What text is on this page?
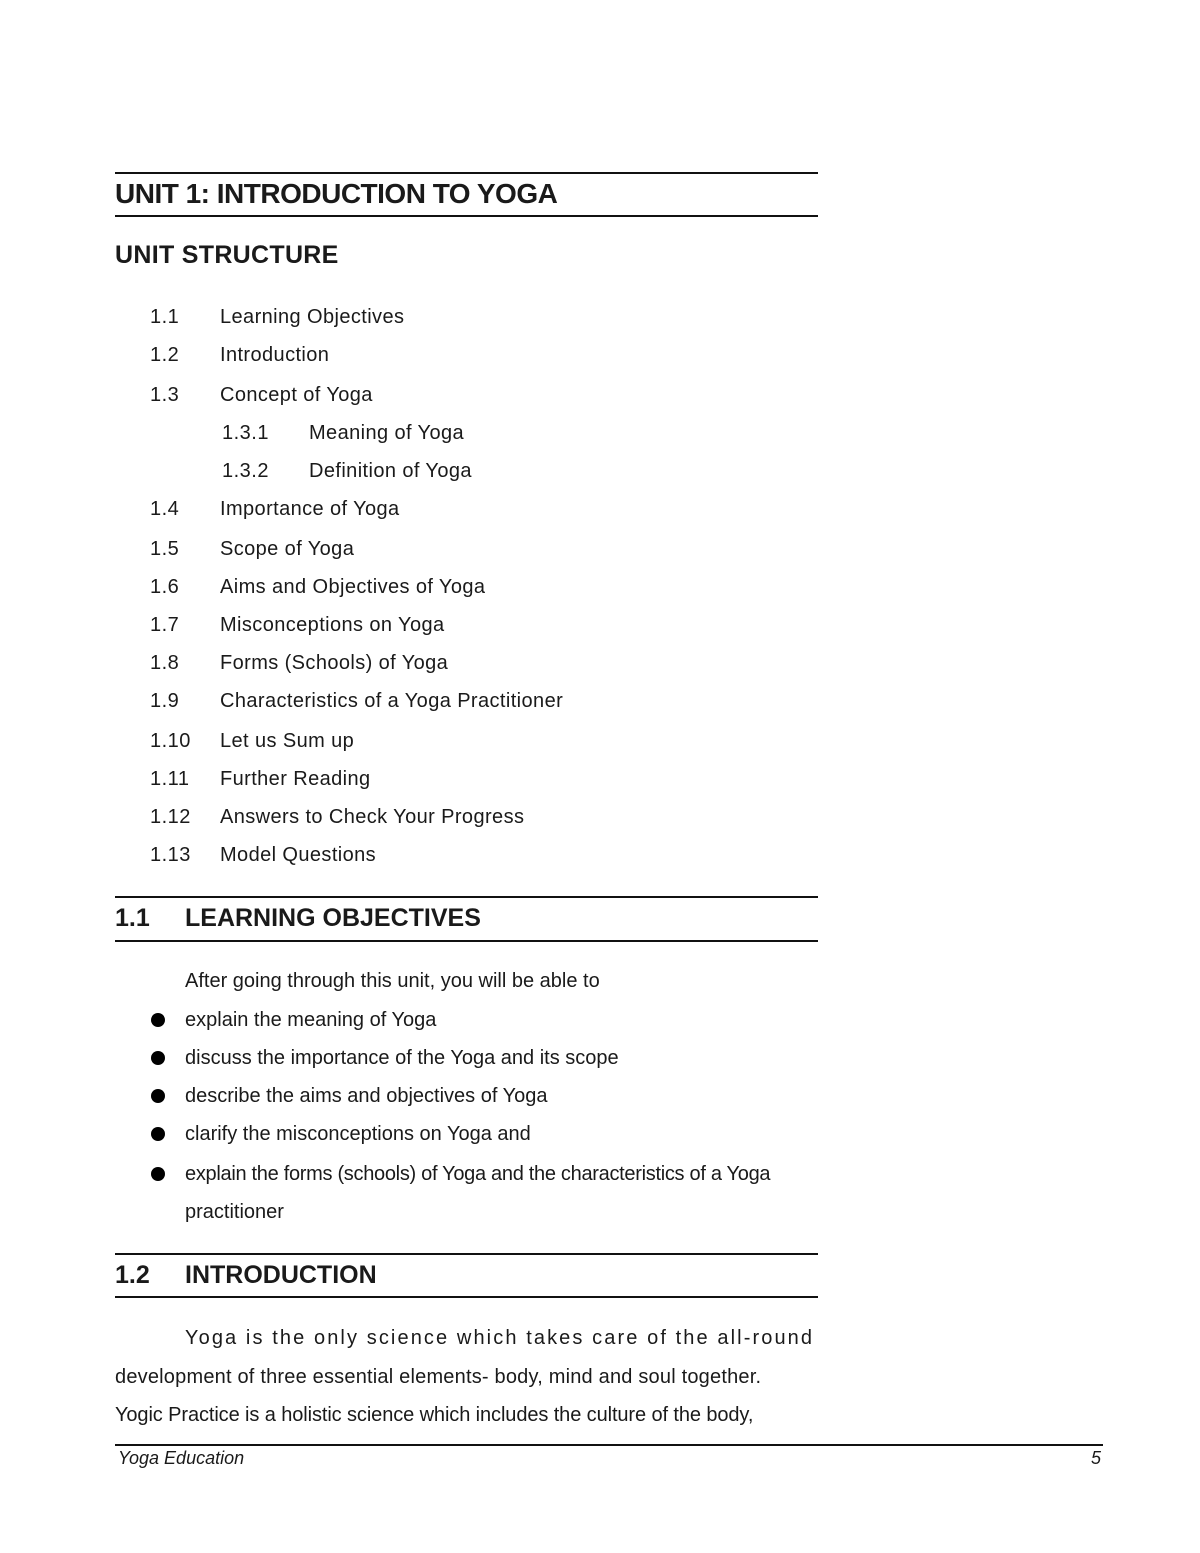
UNIT 1: INTRODUCTION TO YOGA
UNIT STRUCTURE
1.1 Learning Objectives
1.2 Introduction
1.3 Concept of Yoga
1.3.1 Meaning of Yoga
1.3.2 Definition of Yoga
1.4 Importance of Yoga
1.5 Scope of Yoga
1.6 Aims and Objectives of Yoga
1.7 Misconceptions on Yoga
1.8 Forms (Schools) of Yoga
1.9 Characteristics of a Yoga Practitioner
1.10 Let us Sum up
1.11 Further Reading
1.12 Answers to Check Your Progress
1.13 Model Questions
1.1 LEARNING OBJECTIVES
After going through this unit, you will be able to
explain the meaning of Yoga
discuss the importance of the Yoga and its scope
describe the aims and objectives of Yoga
clarify the misconceptions on Yoga and
explain the forms (schools) of Yoga and the characteristics of a Yoga
practitioner
1.2 INTRODUCTION
Yoga is the only science which takes care of the all-round
development of three essential elements- body, mind and soul together.
Yogic Practice is a holistic science which includes the culture of the body,
Yoga Education	5
